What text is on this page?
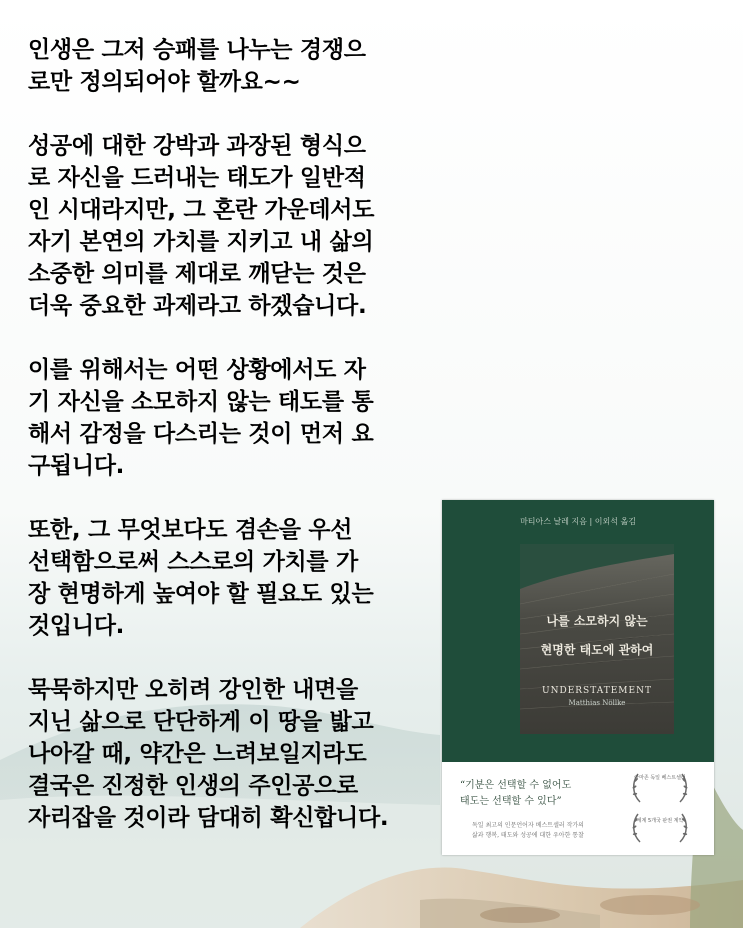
인생은 그저 승패를 나누는 경쟁으
로만 정의되어야 할까요~~
성공에 대한 강박과 과장된 형식으
로 자신을 드러내는 태도가 일반적
인 시대라지만, 그 혼란 가운데서도
자기 본연의 가치를 지키고 내 삶의
소중한 의미를 제대로 깨닫는 것은
더욱 중요한 과제라고 하겠습니다.
이를 위해서는 어떤 상황에서도 자
기 자신을 소모하지 않는 태도를 통
해서 감정을 다스리는 것이 먼저 요
구됩니다.
또한, 그 무엇보다도 겸손을 우선
선택함으로써 스스로의 가치를 가
장 현명하게 높여야 할 필요도 있는
것입니다.
묵묵하지만 오히려 강인한 내면을
지닌 삶으로 단단하게 이 땅을 밟고
나아갈 때, 약간은 느려보일지라도
결국은 진정한 인생의 주인공으로
자리잡을 것이라 담대히 확신합니다.
마티아스 날레 지음 | 이외석 옮김
나를 소모하지 않는
현명한 태도에 관하여
UNDERSTATEMENT
Matthias Nöllke
“기분은 선택할 수 없어도
태도는 선택할 수 있다”
독일 최고의 인문언어자 베스트셀러 작가의
삶과 행복, 태도와 성공에 대한 우아한 통찰
아마존 독일 베스트셀러
세계 5개국 판권 계약
